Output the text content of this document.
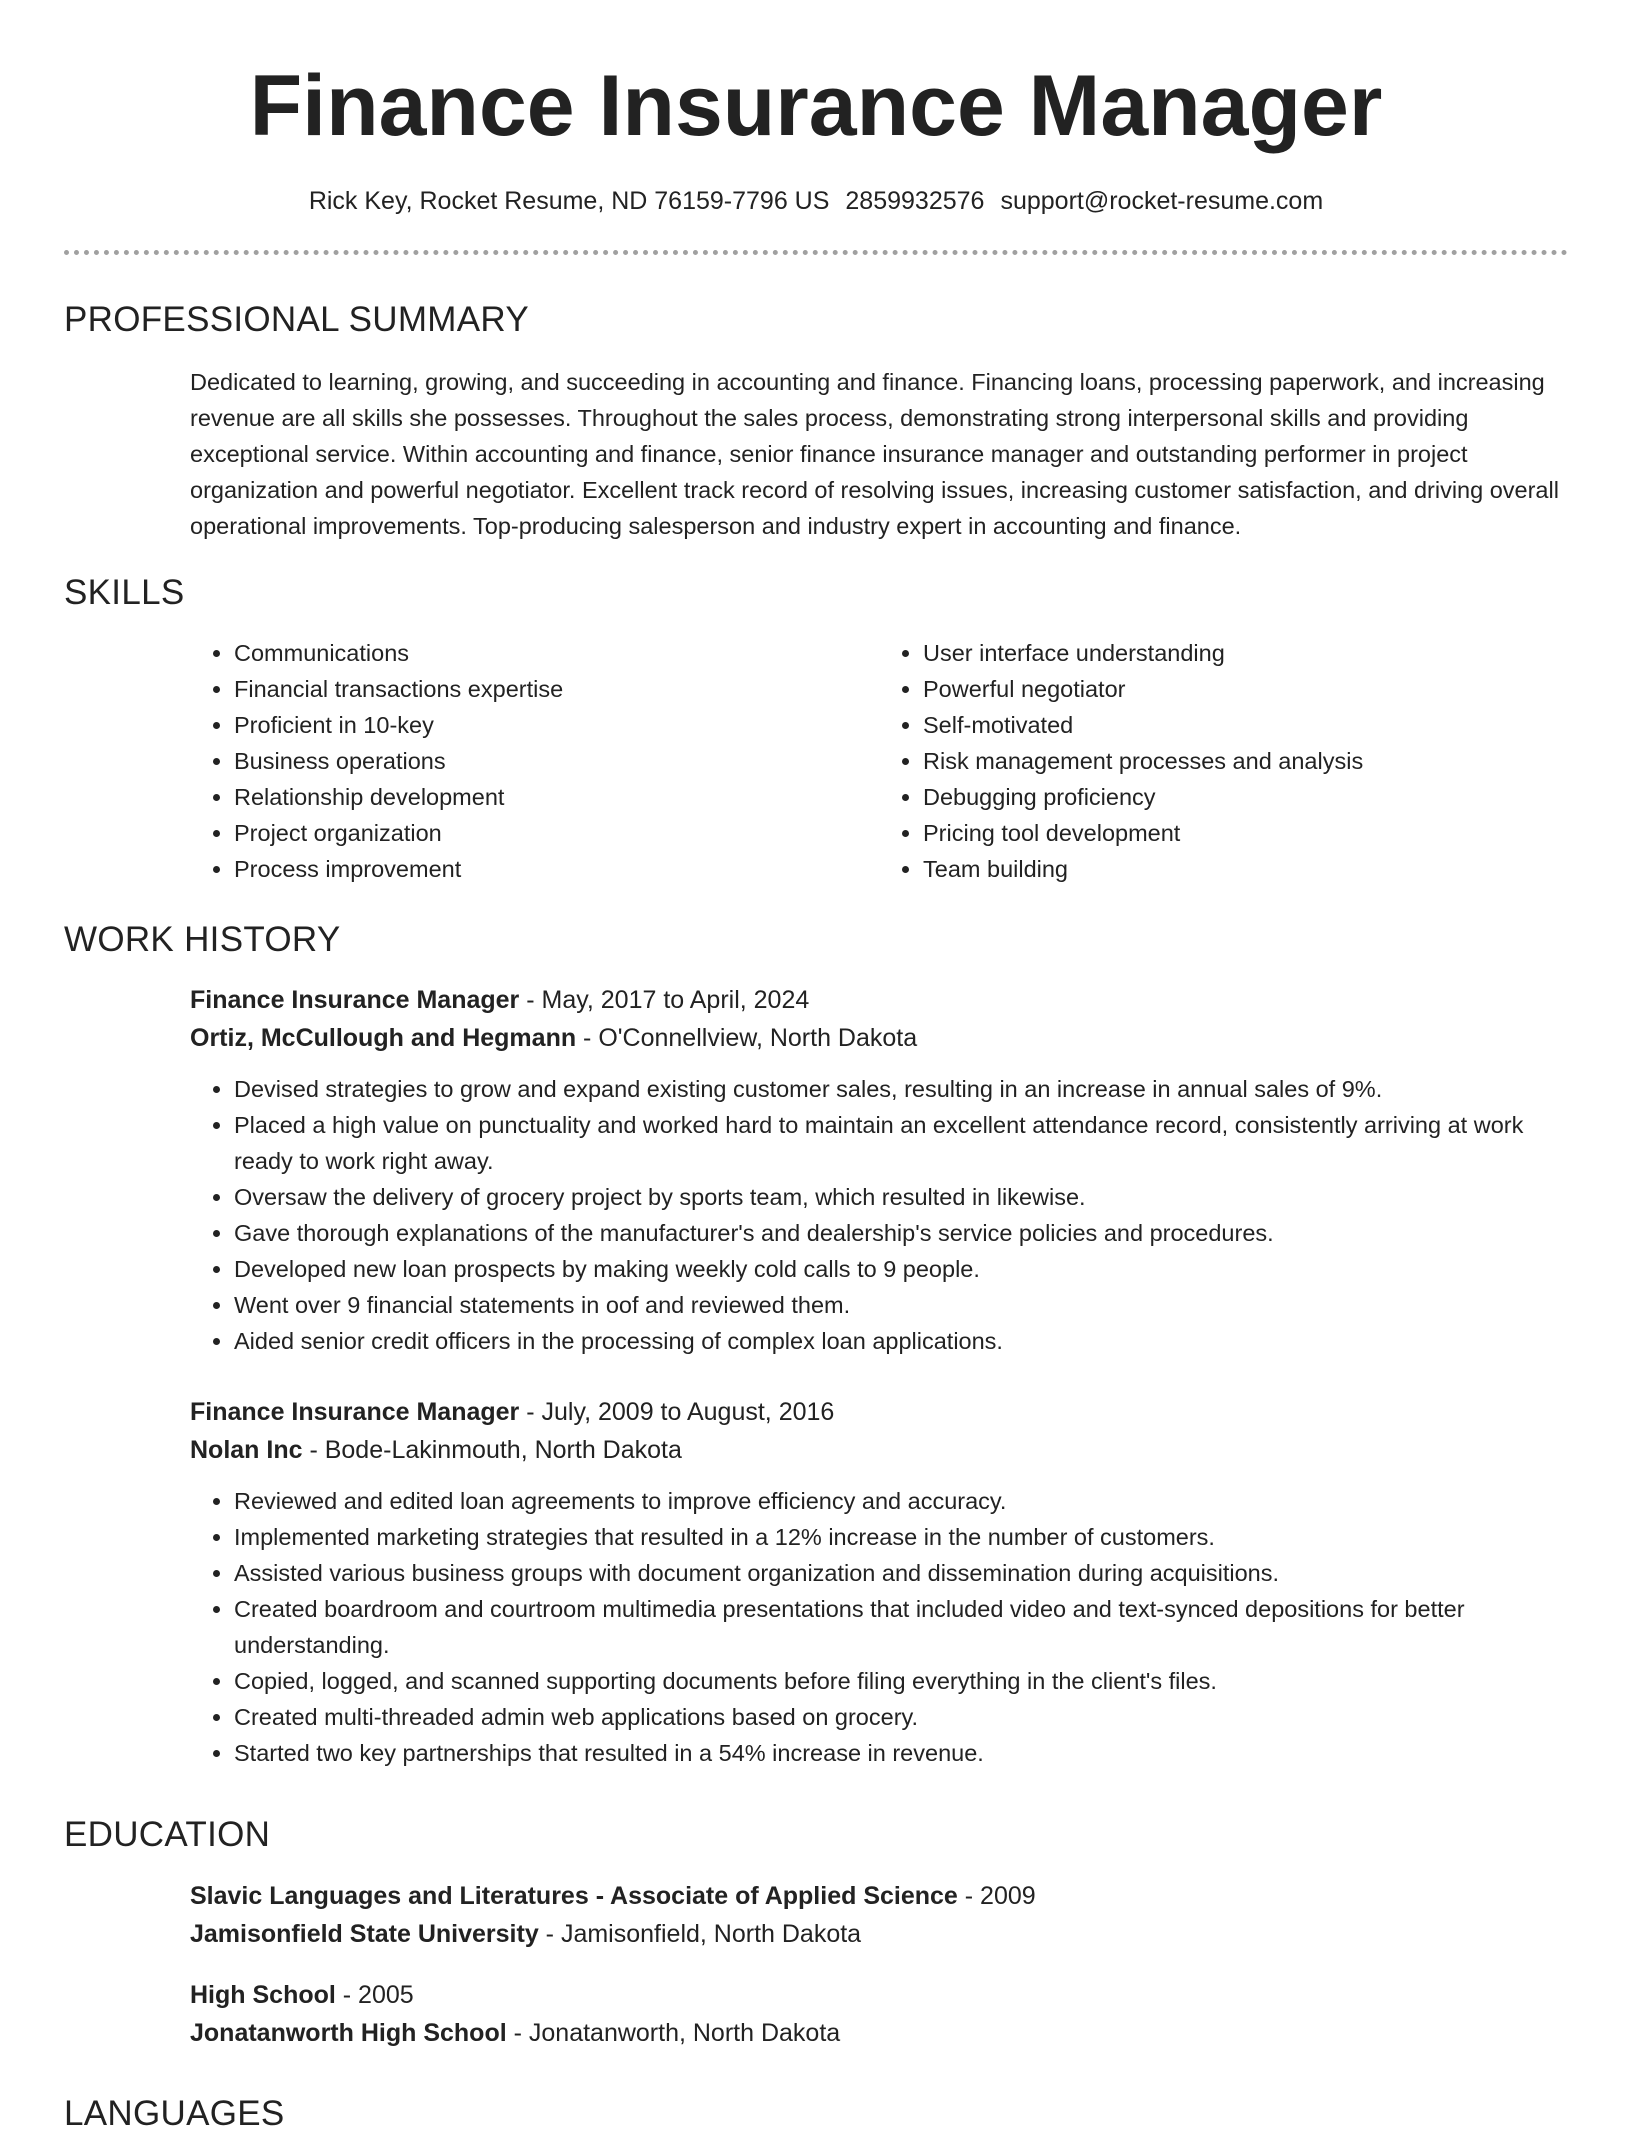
Finance Insurance Manager
Rick Key, Rocket Resume, ND 76159-7796 US 2859932576 support@rocket-resume.com
PROFESSIONAL SUMMARY
Dedicated to learning, growing, and succeeding in accounting and finance. Financing loans, processing paperwork, and increasing revenue are all skills she possesses. Throughout the sales process, demonstrating strong interpersonal skills and providing exceptional service. Within accounting and finance, senior finance insurance manager and outstanding performer in project organization and powerful negotiator. Excellent track record of resolving issues, increasing customer satisfaction, and driving overall operational improvements. Top-producing salesperson and industry expert in accounting and finance.
SKILLS
• Communications
• Financial transactions expertise
• Proficient in 10-key
• Business operations
• Relationship development
• Project organization
• Process improvement
• User interface understanding
• Powerful negotiator
• Self-motivated
• Risk management processes and analysis
• Debugging proficiency
• Pricing tool development
• Team building
WORK HISTORY
Finance Insurance Manager - May, 2017 to April, 2024
Ortiz, McCullough and Hegmann - O'Connellview, North Dakota
• Devised strategies to grow and expand existing customer sales, resulting in an increase in annual sales of 9%.
• Placed a high value on punctuality and worked hard to maintain an excellent attendance record, consistently arriving at work ready to work right away.
• Oversaw the delivery of grocery project by sports team, which resulted in likewise.
• Gave thorough explanations of the manufacturer's and dealership's service policies and procedures.
• Developed new loan prospects by making weekly cold calls to 9 people.
• Went over 9 financial statements in oof and reviewed them.
• Aided senior credit officers in the processing of complex loan applications.
Finance Insurance Manager - July, 2009 to August, 2016
Nolan Inc - Bode-Lakinmouth, North Dakota
• Reviewed and edited loan agreements to improve efficiency and accuracy.
• Implemented marketing strategies that resulted in a 12% increase in the number of customers.
• Assisted various business groups with document organization and dissemination during acquisitions.
• Created boardroom and courtroom multimedia presentations that included video and text-synced depositions for better understanding.
• Copied, logged, and scanned supporting documents before filing everything in the client's files.
• Created multi-threaded admin web applications based on grocery.
• Started two key partnerships that resulted in a 54% increase in revenue.
EDUCATION
Slavic Languages and Literatures - Associate of Applied Science - 2009
Jamisonfield State University - Jamisonfield, North Dakota
High School - 2005
Jonatanworth High School - Jonatanworth, North Dakota
LANGUAGES
